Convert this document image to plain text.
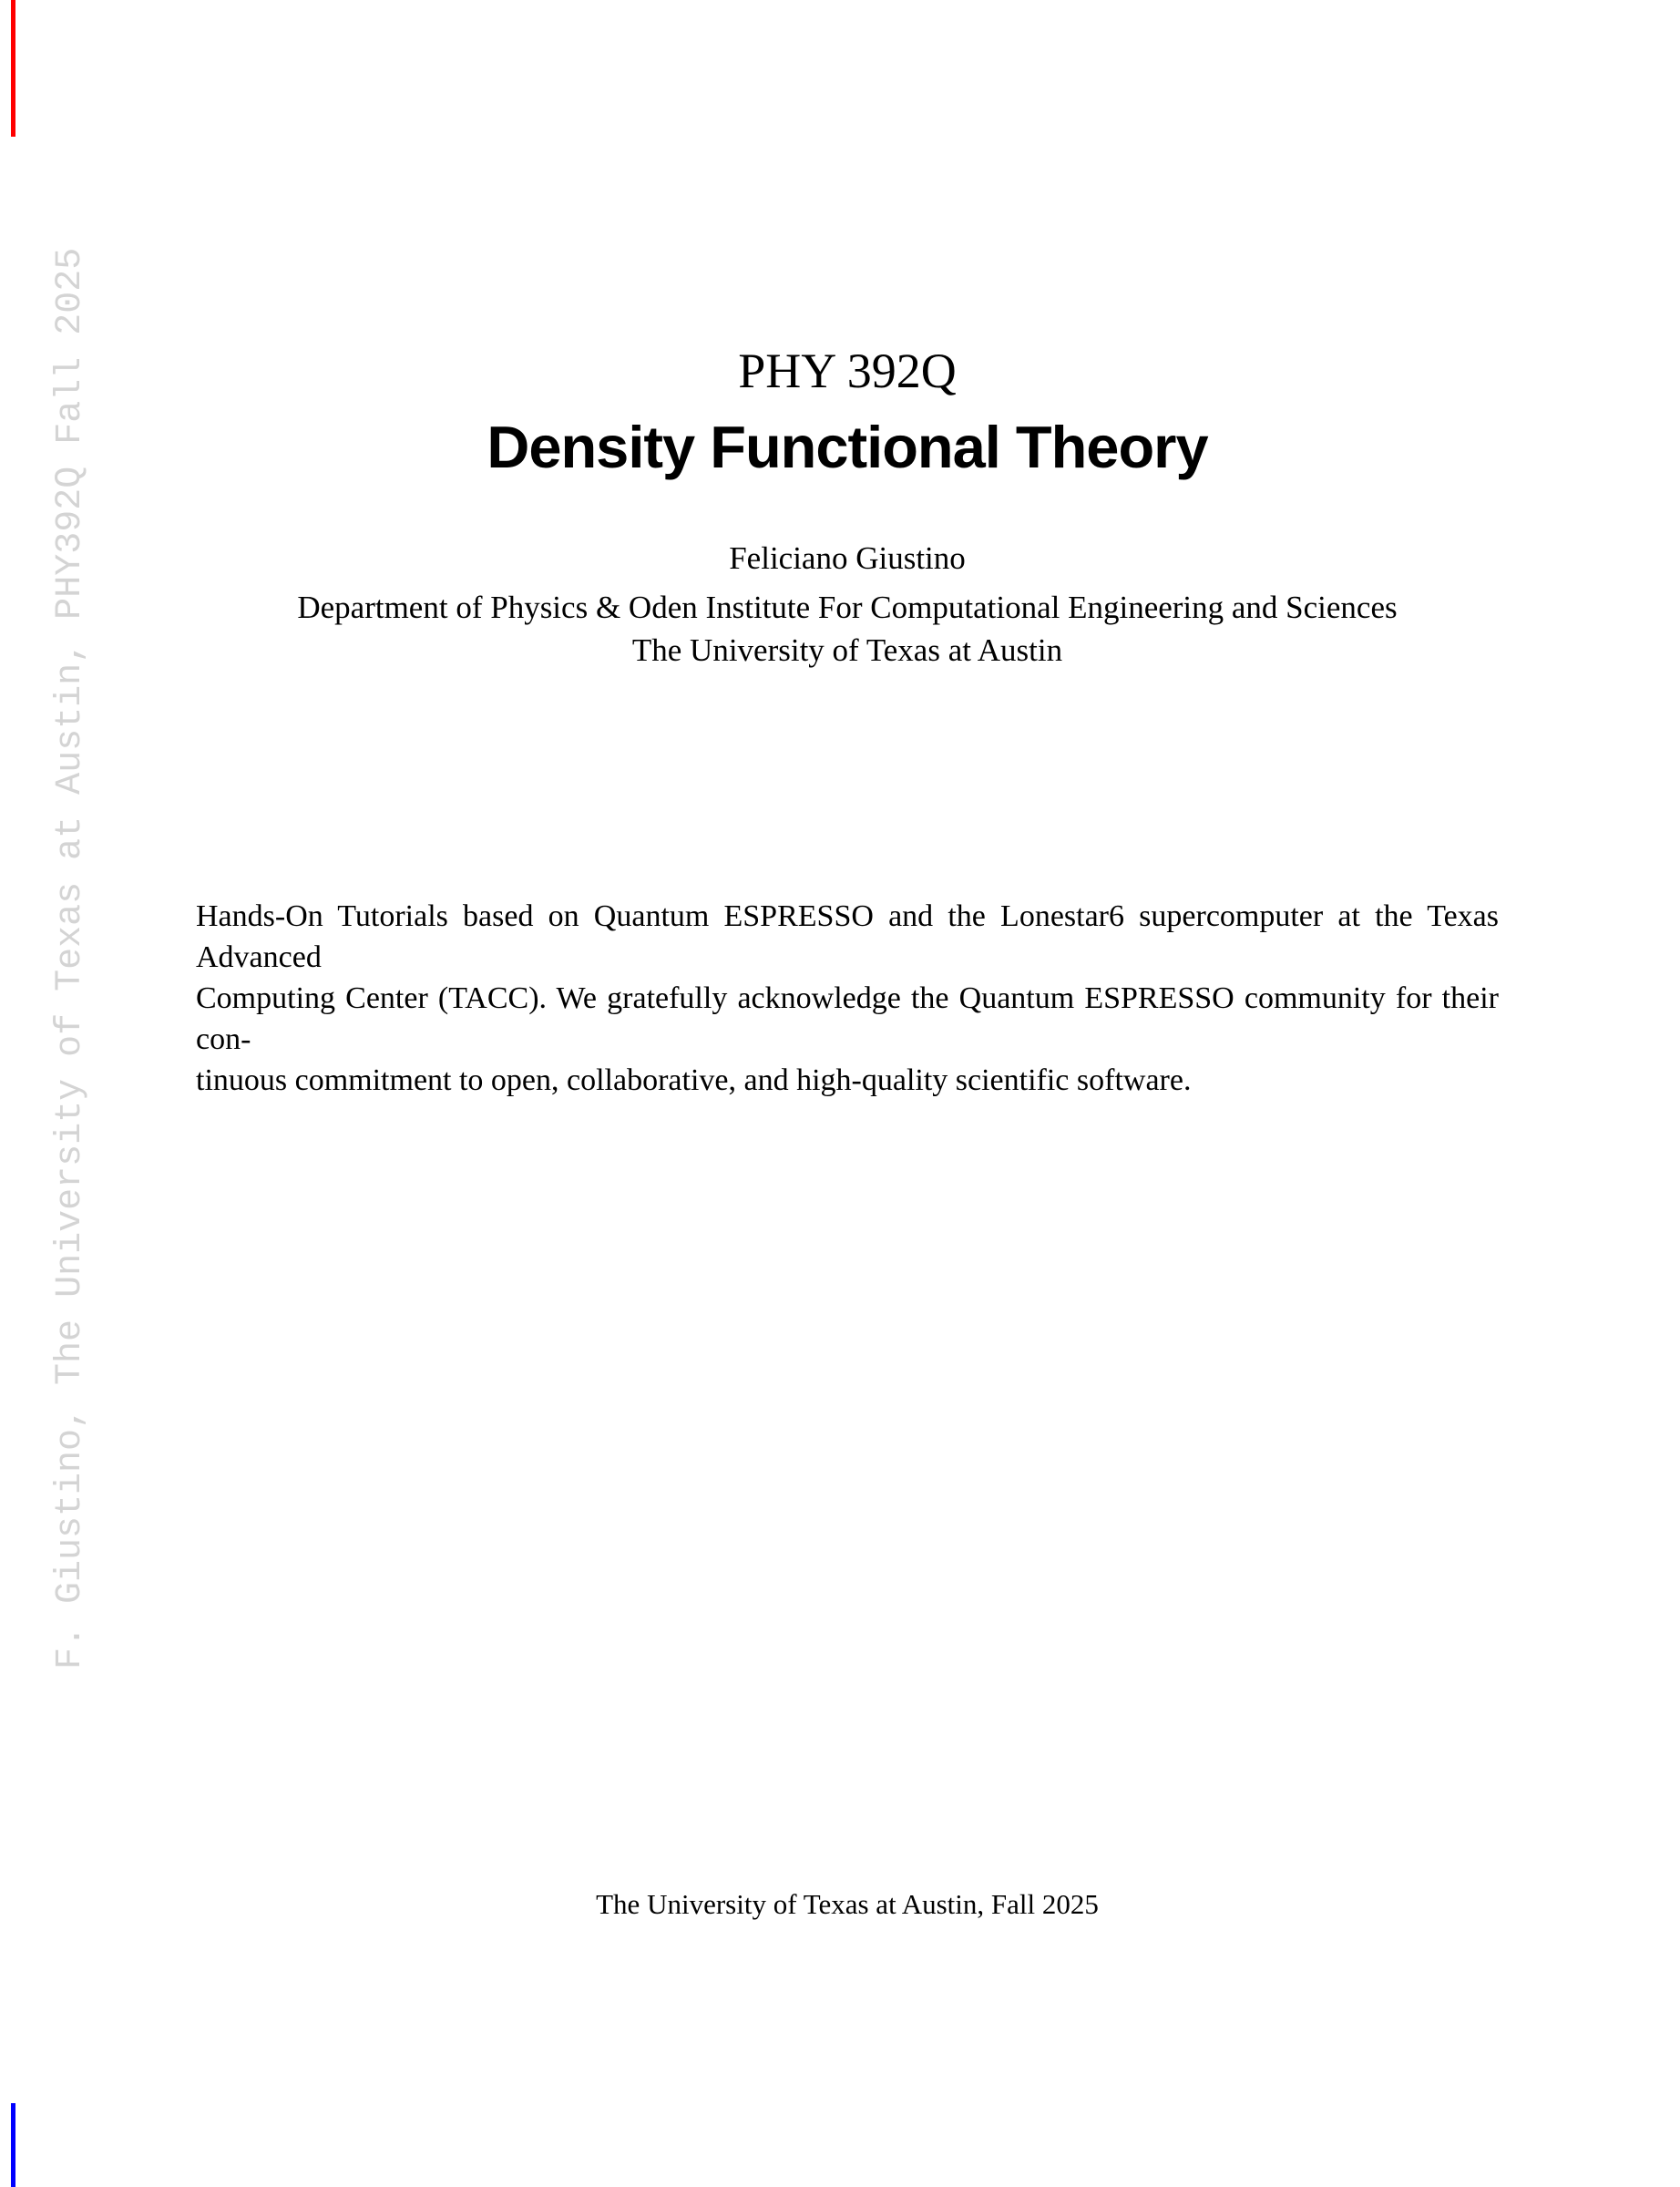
F. Giustino, The University of Texas at Austin, PHY392Q Fall 2025	PHY 392Q
Density Functional Theory
Feliciano Giustino
Department of Physics & Oden Institute For Computational Engineering and Sciences
The University of Texas at Austin
Hands-On Tutorials based on Quantum ESPRESSO and the Lonestar6 supercomputer at the Texas Advanced
Computing Center (TACC). We gratefully acknowledge the Quantum ESPRESSO community for their con-
tinuous commitment to open, collaborative, and high-quality scientific software.
The University of Texas at Austin, Fall 2025
